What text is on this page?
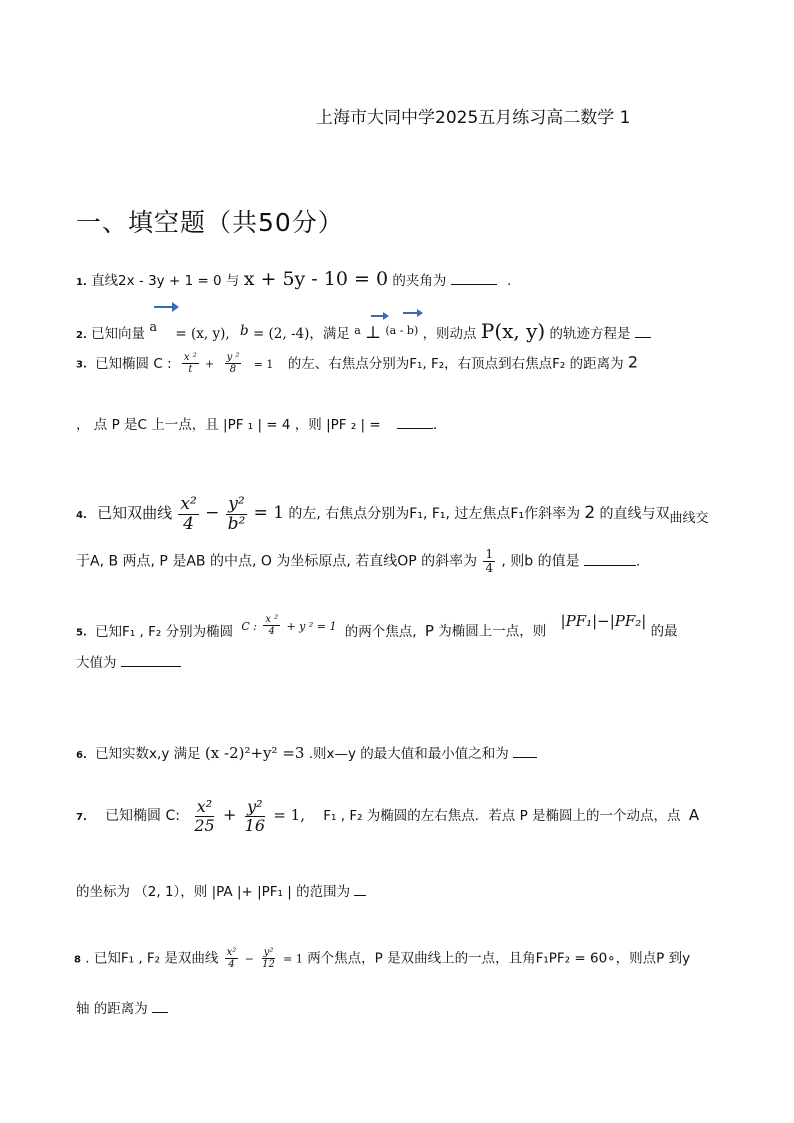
上海市大同中学2025五月练习高二数学 1
一、填空题（共50分）
1. 直线2x - 3y + 1 = 0 与 x + 5y - 10 = 0 的夹角为	.
2. 已知向量 a = (x, y), b = (2, -4)，满足 $^a$ ⊥ $^{(a - b)}$ ，则动点 P(x, y) 的轨迹方程是
3. 已知椭圆 C : $\frac{\text{x ²}}{t} + \frac{\text{y ²}}{8} = 1$ 的左、右焦点分别为F₁, F₂，右顶点到右焦点F₂ 的距离为 2
， 点 P 是C 上一点，且 |PF ₁ | = 4 ，则 |PF ₂ | =	.
4. 已知双曲线 $\frac{\text{x²}}{4} - \frac{\text{y²}}{\text{b²}} = 1$ 的左, 右焦点分别为F₁, F₁, 过左焦点F₁作斜率为 2 的直线与双曲线交
于A, B 两点, P 是AB 的中点, O 为坐标原点, 若直线OP 的斜率为 $\frac{1}{4}$ , 则b 的值是	.
5. 已知F₁ , F₂ 分别为椭圆 $^{C :} \frac{\text{x ²}}{4} ^{+ y ^2 = 1}$ 的两个焦点, P 为椭圆上一点，则 |PF₁|−|PF₂| 的最
大值为
6. 已知实数x,y 满足 (x -2)²+y² =3 .则x—y 的最大值和最小值之和为
7. 已知椭圆 C: $\frac{\text{x²}}{25} + \frac{\text{y²}}{16} = 1$, F₁ , F₂ 为椭圆的左右焦点．若点 P 是椭圆上的一个动点，点 A
的坐标为 （2, 1），则 |PA |+ |PF₁ | 的范围为
8 . 已知F₁ , F₂ 是双曲线 $\frac{\text{x²}}{4} - \frac{\text{y²}}{12} = 1$ 两个焦点，P 是双曲线上的一点，且角F₁PF₂ = 60∘，则点P 到y
轴 的距离为
